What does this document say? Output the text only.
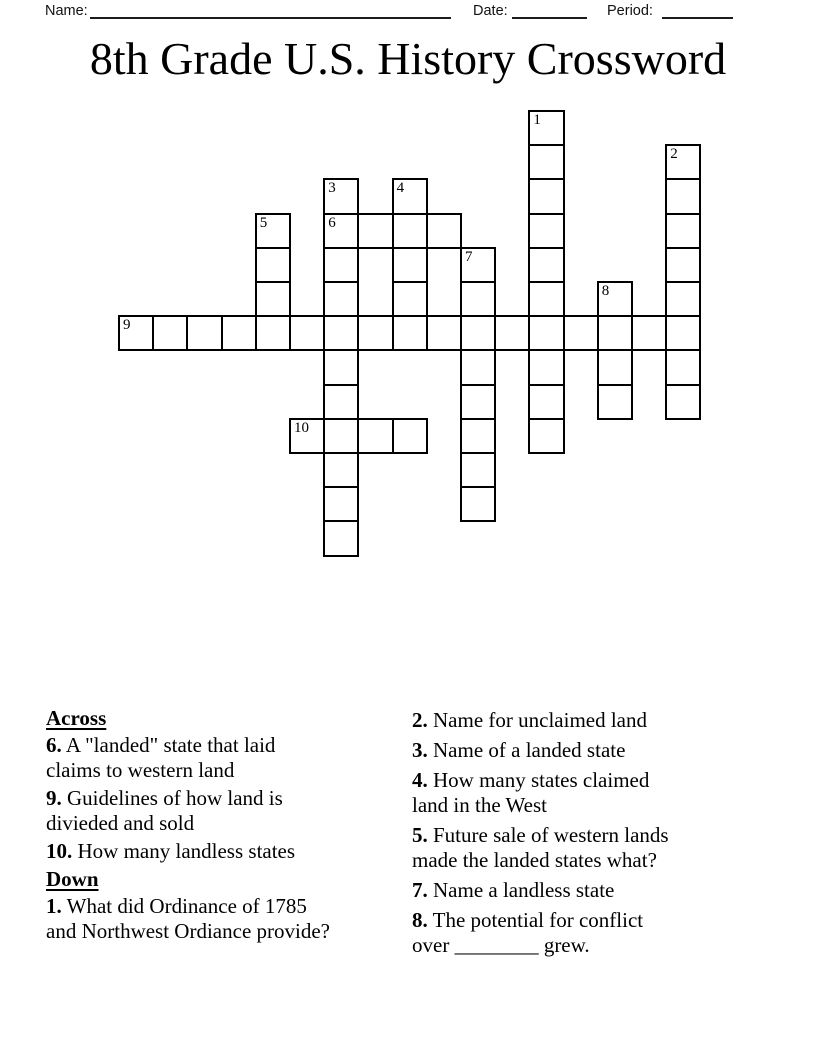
Name:	Date:	Period:
8th Grade U.S. History Crossword
1
2
3
6
4
5
7
8
9
10
Across
6. A "landed" state that laid
claims to western land
9. Guidelines of how land is
divieded and sold
10. How many landless states
Down
1. What did Ordinance of 1785
and Northwest Ordiance provide?
2. Name for unclaimed land
3. Name of a landed state
4. How many states claimed
land in the West
5. Future sale of western lands
made the landed states what?
7. Name a landless state
8. The potential for conflict
over ________ grew.
